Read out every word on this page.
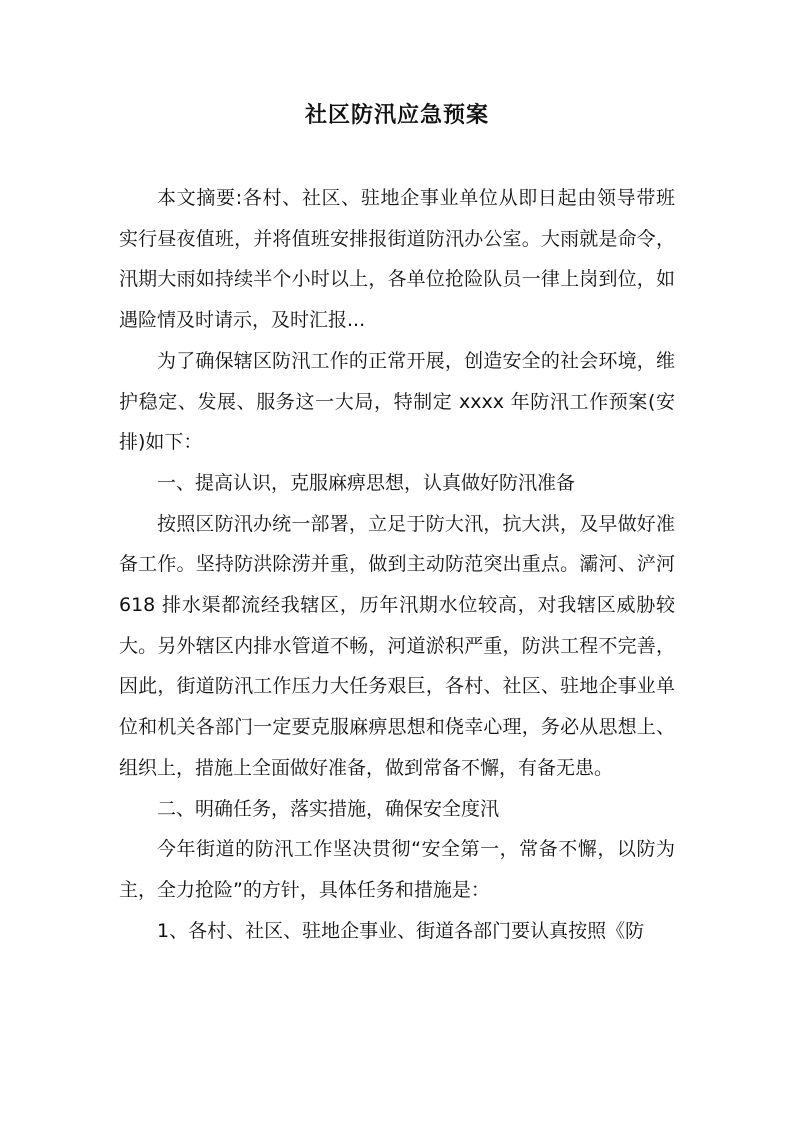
社区防汛应急预案

本文摘要:各村、社区、驻地企事业单位从即日起由领导带班实行昼夜值班，并将值班安排报街道防汛办公室。大雨就是命令，汛期大雨如持续半个小时以上，各单位抢险队员一律上岗到位，如遇险情及时请示，及时汇报...

为了确保辖区防汛工作的正常开展，创造安全的社会环境，维护稳定、发展、服务这一大局，特制定 xxxx 年防汛工作预案(安排)如下：

一、提高认识，克服麻痹思想，认真做好防汛准备

按照区防汛办统一部署，立足于防大汛，抗大洪，及早做好准备工作。坚持防洪除涝并重，做到主动防范突出重点。灞河、浐河 618 排水渠都流经我辖区，历年汛期水位较高，对我辖区威胁较大。另外辖区内排水管道不畅，河道淤积严重，防洪工程不完善，因此，街道防汛工作压力大任务艰巨，各村、社区、驻地企事业单位和机关各部门一定要克服麻痹思想和侥幸心理，务必从思想上、组织上，措施上全面做好准备，做到常备不懈，有备无患。

二、明确任务，落实措施，确保安全度汛

今年街道的防汛工作坚决贯彻“安全第一，常备不懈，以防为主，全力抢险”的方针，具体任务和措施是：

1、各村、社区、驻地企事业、街道各部门要认真按照《防
